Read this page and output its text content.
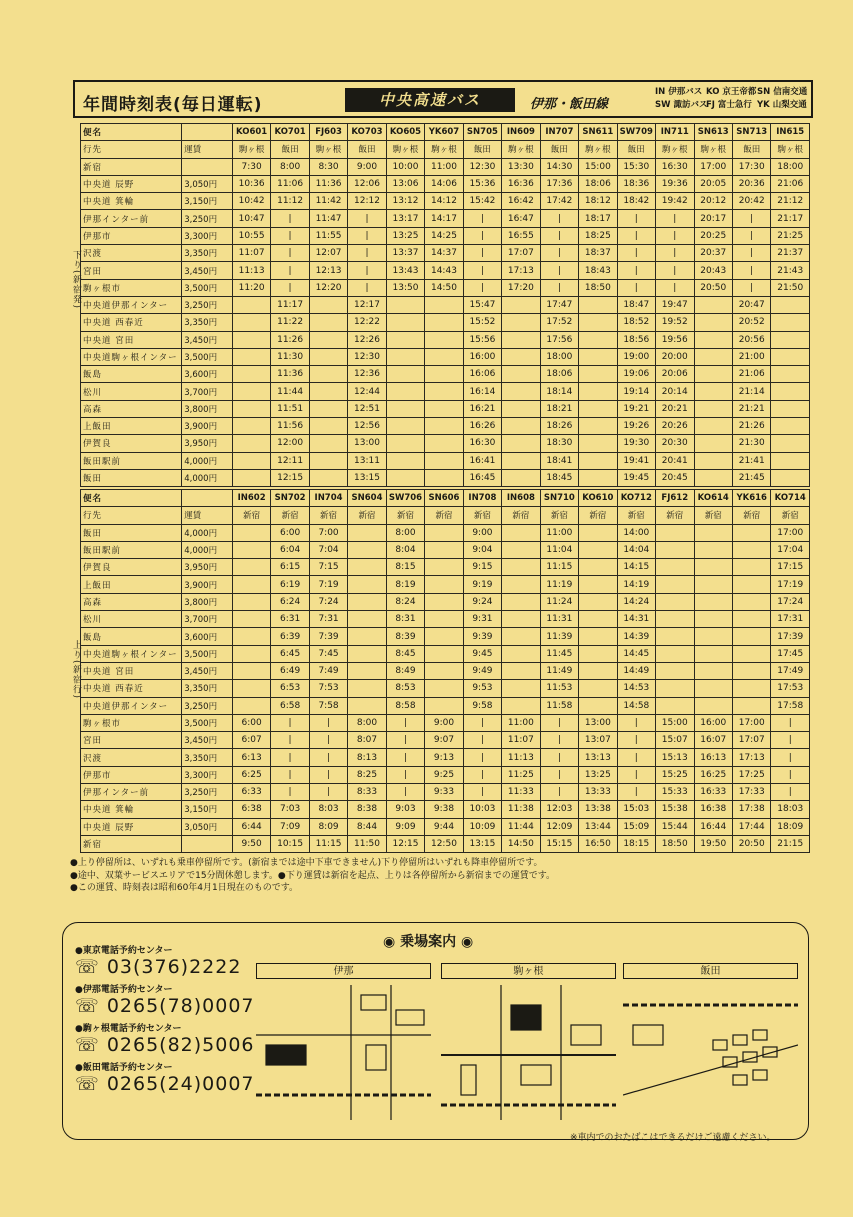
年間時刻表(毎日運転)	中央高速バス	伊那・飯田線
IN 伊那バス KO 京王帝都SN 信南交通
SW 諏訪バスFJ 富士急行 YK 山梨交通
下り(新宿発)
上り(新宿行)
便名		KO601	KO701	FJ603	KO703	KO605	YK607	SN705	IN609	IN707	SN611	SW709	IN711	SN613	SN713	IN615
行先	運賃	駒ヶ根	飯田	駒ヶ根	飯田	駒ヶ根	駒ヶ根	飯田	駒ヶ根	飯田	駒ヶ根	飯田	駒ヶ根	駒ヶ根	飯田	駒ヶ根
新宿		7:30	8:00	8:30	9:00	10:00	11:00	12:30	13:30	14:30	15:00	15:30	16:30	17:00	17:30	18:00
中央道 辰野	3,050円	10:36	11:06	11:36	12:06	13:06	14:06	15:36	16:36	17:36	18:06	18:36	19:36	20:05	20:36	21:06
中央道 箕輪	3,150円	10:42	11:12	11:42	12:12	13:12	14:12	15:42	16:42	17:42	18:12	18:42	19:42	20:12	20:42	21:12
伊那インター前	3,250円	10:47	|	11:47	|	13:17	14:17	|	16:47	|	18:17	|	|	20:17	|	21:17
伊那市	3,300円	10:55	|	11:55	|	13:25	14:25	|	16:55	|	18:25	|	|	20:25	|	21:25
沢渡	3,350円	11:07	|	12:07	|	13:37	14:37	|	17:07	|	18:37	|	|	20:37	|	21:37
宮田	3,450円	11:13	|	12:13	|	13:43	14:43	|	17:13	|	18:43	|	|	20:43	|	21:43
駒ヶ根市	3,500円	11:20	|	12:20	|	13:50	14:50	|	17:20	|	18:50	|	|	20:50	|	21:50
中央道伊那インター	3,250円		11:17		12:17			15:47		17:47		18:47	19:47		20:47	
中央道 西春近	3,350円		11:22		12:22			15:52		17:52		18:52	19:52		20:52	
中央道 宮田	3,450円		11:26		12:26			15:56		17:56		18:56	19:56		20:56	
中央道駒ヶ根インター	3,500円		11:30		12:30			16:00		18:00		19:00	20:00		21:00	
飯島	3,600円		11:36		12:36			16:06		18:06		19:06	20:06		21:06	
松川	3,700円		11:44		12:44			16:14		18:14		19:14	20:14		21:14	
高森	3,800円		11:51		12:51			16:21		18:21		19:21	20:21		21:21	
上飯田	3,900円		11:56		12:56			16:26		18:26		19:26	20:26		21:26	
伊賀良	3,950円		12:00		13:00			16:30		18:30		19:30	20:30		21:30	
飯田駅前	4,000円		12:11		13:11			16:41		18:41		19:41	20:41		21:41	
飯田	4,000円		12:15		13:15			16:45		18:45		19:45	20:45		21:45	
便名		IN602	SN702	IN704	SN604	SW706	SN606	IN708	IN608	SN710	KO610	KO712	FJ612	KO614	YK616	KO714
行先	運賃	新宿	新宿	新宿	新宿	新宿	新宿	新宿	新宿	新宿	新宿	新宿	新宿	新宿	新宿	新宿
飯田	4,000円		6:00	7:00		8:00		9:00		11:00		14:00				17:00
飯田駅前	4,000円		6:04	7:04		8:04		9:04		11:04		14:04				17:04
伊賀良	3,950円		6:15	7:15		8:15		9:15		11:15		14:15				17:15
上飯田	3,900円		6:19	7:19		8:19		9:19		11:19		14:19				17:19
高森	3,800円		6:24	7:24		8:24		9:24		11:24		14:24				17:24
松川	3,700円		6:31	7:31		8:31		9:31		11:31		14:31				17:31
飯島	3,600円		6:39	7:39		8:39		9:39		11:39		14:39				17:39
中央道駒ヶ根インター	3,500円		6:45	7:45		8:45		9:45		11:45		14:45				17:45
中央道 宮田	3,450円		6:49	7:49		8:49		9:49		11:49		14:49				17:49
中央道 西春近	3,350円		6:53	7:53		8:53		9:53		11:53		14:53				17:53
中央道伊那インター	3,250円		6:58	7:58		8:58		9:58		11:58		14:58				17:58
駒ヶ根市	3,500円	6:00	|	|	8:00	|	9:00	|	11:00	|	13:00	|	15:00	16:00	17:00	|
宮田	3,450円	6:07	|	|	8:07	|	9:07	|	11:07	|	13:07	|	15:07	16:07	17:07	|
沢渡	3,350円	6:13	|	|	8:13	|	9:13	|	11:13	|	13:13	|	15:13	16:13	17:13	|
伊那市	3,300円	6:25	|	|	8:25	|	9:25	|	11:25	|	13:25	|	15:25	16:25	17:25	|
伊那インター前	3,250円	6:33	|	|	8:33	|	9:33	|	11:33	|	13:33	|	15:33	16:33	17:33	|
中央道 箕輪	3,150円	6:38	7:03	8:03	8:38	9:03	9:38	10:03	11:38	12:03	13:38	15:03	15:38	16:38	17:38	18:03
中央道 辰野	3,050円	6:44	7:09	8:09	8:44	9:09	9:44	10:09	11:44	12:09	13:44	15:09	15:44	16:44	17:44	18:09
新宿		9:50	10:15	11:15	11:50	12:15	12:50	13:15	14:50	15:15	16:50	18:15	18:50	19:50	20:50	21:15
●上り停留所は、いずれも乗車停留所です。(新宿までは途中下車できません)下り停留所はいずれも降車停留所です。
●途中、双葉サービスエリアで15分間休憩します。●下り運賃は新宿を起点、上りは各停留所から新宿までの運賃です。
●この運賃、時刻表は昭和60年4月1日現在のものです。
●東京電話予約センター
☏ 03(376)2222
●伊那電話予約センター
☏ 0265(78)0007
●駒ヶ根電話予約センター
☏ 0265(82)5006
●飯田電話予約センター
☏ 0265(24)0007
◉ 乗場案内 ◉
伊那	駒ヶ根	飯田
※車内でのおたばこはできるだけご遠慮ください。
